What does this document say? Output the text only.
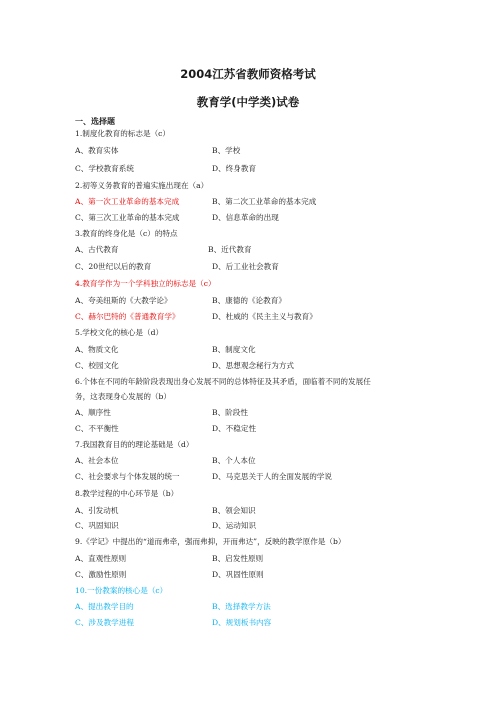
2004江苏省教师资格考试
教育学(中学类)试卷
一、选择题
1.制度化教育的标志是（c）
A、教育实体	B、学校
C、学校教育系统	D、终身教育
2.初等义务教育的普遍实施出现在（a）
A、第一次工业革命的基本完成	B、第二次工业革命的基本完成
C、第三次工业革命的基本完成	D、信息革命的出现
3.教育的终身化是（c）的特点
A、古代教育	B、近代教育
C、20世纪以后的教育	D、后工业社会教育
4.教育学作为一个学科独立的标志是（c）
A、夸美纽斯的《大教学论》	B、康德的《论教育》
C、赫尔巴特的《普通教育学》	D、杜威的《民主主义与教育》
5.学校文化的核心是（d）
A、物质文化	B、制度文化
C、校园文化	D、思想观念秘行为方式
6.个体在不同的年龄阶段表现出身心发展不同的总体特征及其矛盾，面临着不同的发展任
务，这表现身心发展的（b）
A、顺序性	B、阶段性
C、不平衡性	D、不稳定性
7.我国教育目的的理论基础是（d）
A、社会本位	B、个人本位
C、社会要求与个体发展的统一	D、马克思关于人的全面发展的学说
8.教学过程的中心环节是（b）
A、引发动机	B、领会知识
C、巩固知识	D、运动知识
9.《学记》中提出的“道而弗牵，强而弗抑，开而弗达”，反映的教学原作是（b）
A、直观性原则	B、启发性原则
C、激励性原则	D、巩固性原则
10.一份教案的核心是（c）
A、提出教学目的	B、选择教学方法
C、涉及教学进程	D、规划板书内容
